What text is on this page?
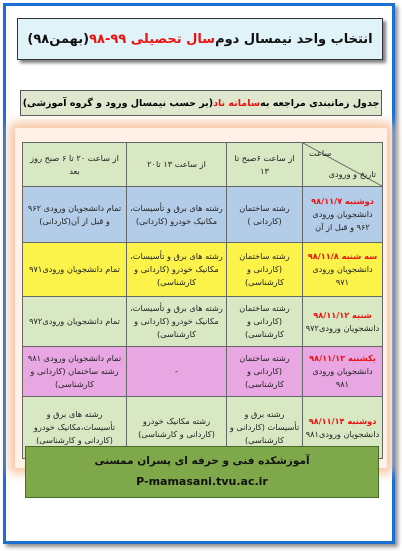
انتخاب واحد نیمسال دوم
سال تحصیلی ۹۹-۹۸
(بهمن۹۸)
جدول زمانبندی مراجعه به
سامانه ناد
(بر حسب نیمسال ورود و گروه آموزشی)
ساعت
تاریخ و ورودی	از ساعت ۶صبح تا ۱۳	از ساعت ۱۳ تا۲۰	از ساعت ۲۰ تا ۶ صبح روز بعد

دوشنبه ۹۸/۱۱/۷
دانشجویان ورودی ۹۶۲ و قبل از آن	رشته ساختمان (کاردانی )	رشته های برق و تأسیسات، مکانیک خودرو (کاردانی)	تمام دانشجویان ورودی ۹۶۲ و قبل از آن(کاردانی)

سه شنبه ۹۸/۱۱/۸
دانشجویان ورودی ۹۷۱	رشته ساختمان (کاردانی و کارشناسی)	رشته های برق و تأسیسات، مکانیک خودرو (کاردانی و کارشناسی)	تمام دانشجویان ورودی۹۷۱

شنبه ۹۸/۱۱/۱۲
دانشجویان ورودی۹۷۲	رشته ساختمان (کاردانی و کارشناسی)	رشته های برق و تأسیسات، مکانیک خودرو (کاردانی و کارشناسی)	تمام دانشجویان ورودی۹۷۲

یکشنبه ۹۸/۱۱/۱۳
دانشجویان ورودی ۹۸۱	رشته ساختمان (کاردانی و کارشناسی)	-	تمام دانشجویان ورودی ۹۸۱ رشته ساختمان (کاردانی و کارشناسی)

دوشنبه ۹۸/۱۱/۱۴
دانشجویان ورودی۹۸۱	رشته برق و تأسیسات (کاردانی و کارشناسی)	رشته مکانیک خودرو (کاردانی و کارشناسی)	رشته های برق و تأسیسات،مکانیک خودرو (کاردانی و کارشناسی)
آموزشکده فنی و حرفه ای پسران ممسنی
P-mamasani.tvu.ac.ir
